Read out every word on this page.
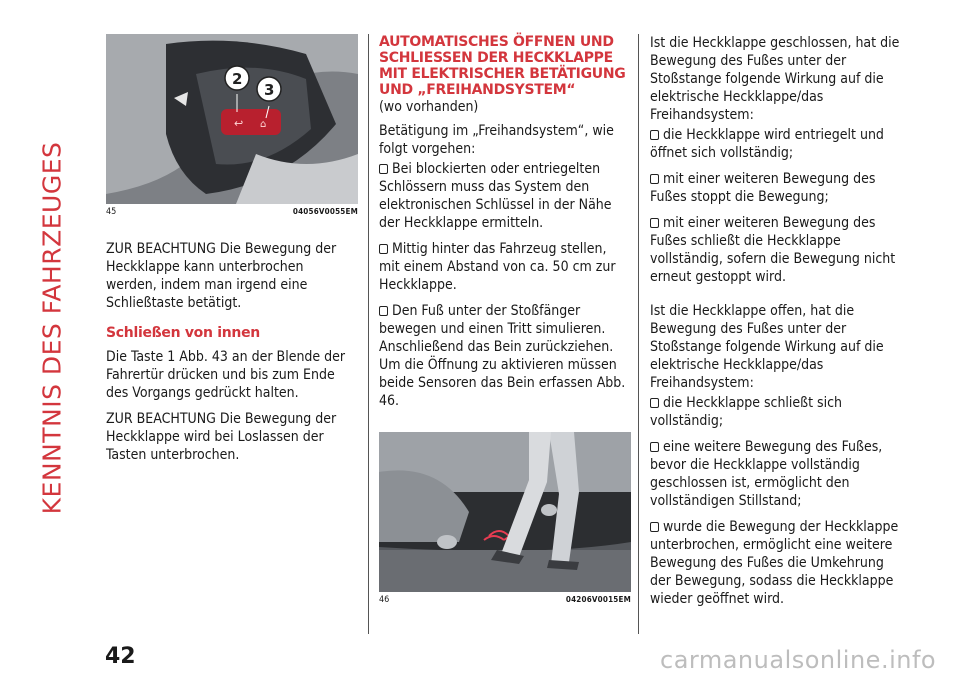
KENNTNIS DES FAHRZEUGES
↩ ⌂
2
3
45	04056V0055EM

ZUR BEACHTUNG Die Bewegung der Heckklappe kann unterbrochen werden, indem man irgend eine Schließtaste betätigt.

Schließen von innen

Die Taste 1 Abb. 43 an der Blende der Fahrertür drücken und bis zum Ende des Vorgangs gedrückt halten.

ZUR BEACHTUNG Die Bewegung der Heckklappe wird bei Loslassen der Tasten unterbrochen.

AUTOMATISCHES ÖFFNEN UND SCHLIESSEN DER HECKKLAPPE MIT ELEKTRISCHER BETÄTIGUNG UND „FREIHANDSYSTEM“

(wo vorhanden)

Betätigung im „Freihandsystem“, wie folgt vorgehen:

Bei blockierten oder entriegelten Schlössern muss das System den elektronischen Schlüssel in der Nähe der Heckklappe ermitteln.

Mittig hinter das Fahrzeug stellen, mit einem Abstand von ca. 50 cm zur Heckklappe.

Den Fuß unter der Stoßfänger bewegen und einen Tritt simulieren. Anschließend das Bein zurückziehen. Um die Öffnung zu aktivieren müssen beide Sensoren das Bein erfassen Abb. 46.

46	04206V0015EM

Ist die Heckklappe geschlossen, hat die Bewegung des Fußes unter der Stoßstange folgende Wirkung auf die elektrische Heckklappe/das Freihandsystem:

die Heckklappe wird entriegelt und öffnet sich vollständig;

mit einer weiteren Bewegung des Fußes stoppt die Bewegung;

mit einer weiteren Bewegung des Fußes schließt die Heckklappe vollständig, sofern die Bewegung nicht erneut gestoppt wird.

Ist die Heckklappe offen, hat die Bewegung des Fußes unter der Stoßstange folgende Wirkung auf die elektrische Heckklappe/das Freihandsystem:

die Heckklappe schließt sich vollständig;

eine weitere Bewegung des Fußes, bevor die Heckklappe vollständig geschlossen ist, ermöglicht den vollständigen Stillstand;

wurde die Bewegung der Heckklappe unterbrochen, ermöglicht eine weitere Bewegung des Fußes die Umkehrung der Bewegung, sodass die Heckklappe wieder geöffnet wird.

42	carmanualsonline.info
